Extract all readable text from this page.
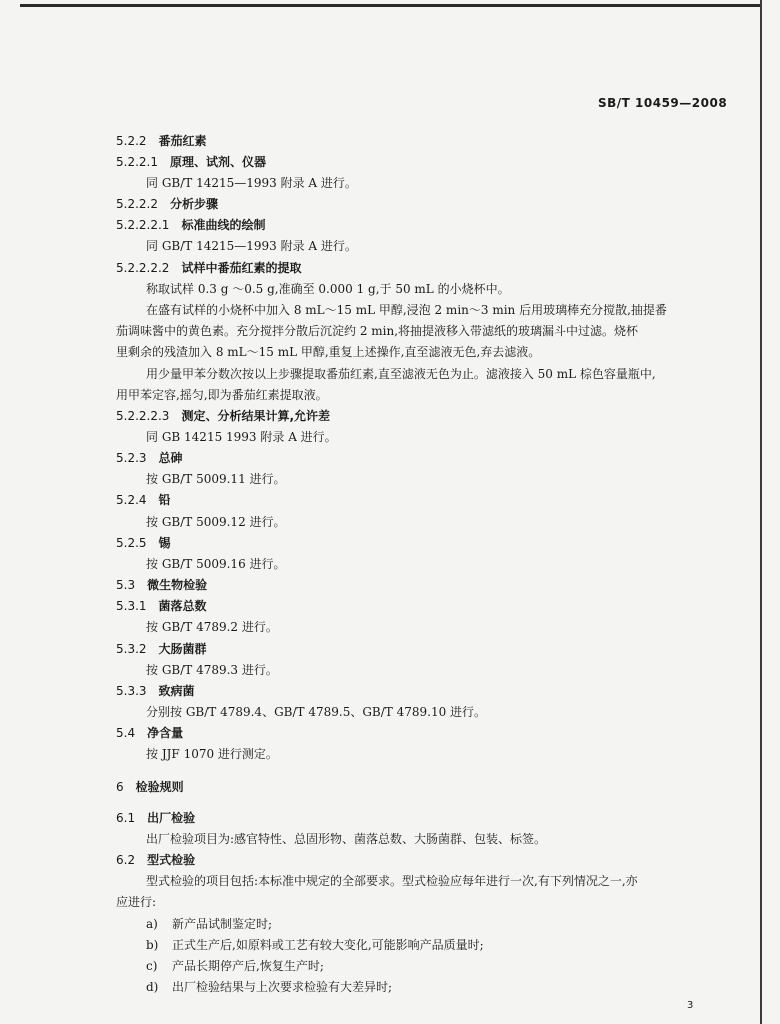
SB/T 10459—2008
5.2.2 番茄红素
5.2.2.1 原理、试剂、仪器
同 GB/T 14215—1993 附录 A 进行。
5.2.2.2 分析步骤
5.2.2.2.1 标准曲线的绘制
同 GB/T 14215—1993 附录 A 进行。
5.2.2.2.2 试样中番茄红素的提取
称取试样 0.3 g ～0.5 g,准确至 0.000 1 g,于 50 mL 的小烧杯中。
在盛有试样的小烧杯中加入 8 mL～15 mL 甲醇,浸泡 2 min～3 min 后用玻璃棒充分搅散,抽提番
茄调味酱中的黄色素。充分搅拌分散后沉淀约 2 min,将抽提液移入带滤纸的玻璃漏斗中过滤。烧杯
里剩余的残渣加入 8 mL～15 mL 甲醇,重复上述操作,直至滤液无色,弃去滤液。
用少量甲苯分数次按以上步骤提取番茄红素,直至滤液无色为止。滤液接入 50 mL 棕色容量瓶中,
用甲苯定容,摇匀,即为番茄红素提取液。
5.2.2.2.3 测定、分析结果计算,允许差
同 GB 14215 1993 附录 A 进行。
5.2.3 总砷
按 GB/T 5009.11 进行。
5.2.4 铅
按 GB/T 5009.12 进行。
5.2.5 锡
按 GB/T 5009.16 进行。
5.3 微生物检验
5.3.1 菌落总数
按 GB/T 4789.2 进行。
5.3.2 大肠菌群
按 GB/T 4789.3 进行。
5.3.3 致病菌
分别按 GB/T 4789.4、GB/T 4789.5、GB/T 4789.10 进行。
5.4 净含量
按 JJF 1070 进行测定。
6 检验规则
6.1 出厂检验
出厂检验项目为:感官特性、总固形物、菌落总数、大肠菌群、包装、标签。
6.2 型式检验
型式检验的项目包括:本标准中规定的全部要求。型式检验应每年进行一次,有下列情况之一,亦
应进行:
a) 新产品试制鉴定时;
b) 正式生产后,如原料或工艺有较大变化,可能影响产品质量时;
c) 产品长期停产后,恢复生产时;
d) 出厂检验结果与上次要求检验有大差异时;
3
